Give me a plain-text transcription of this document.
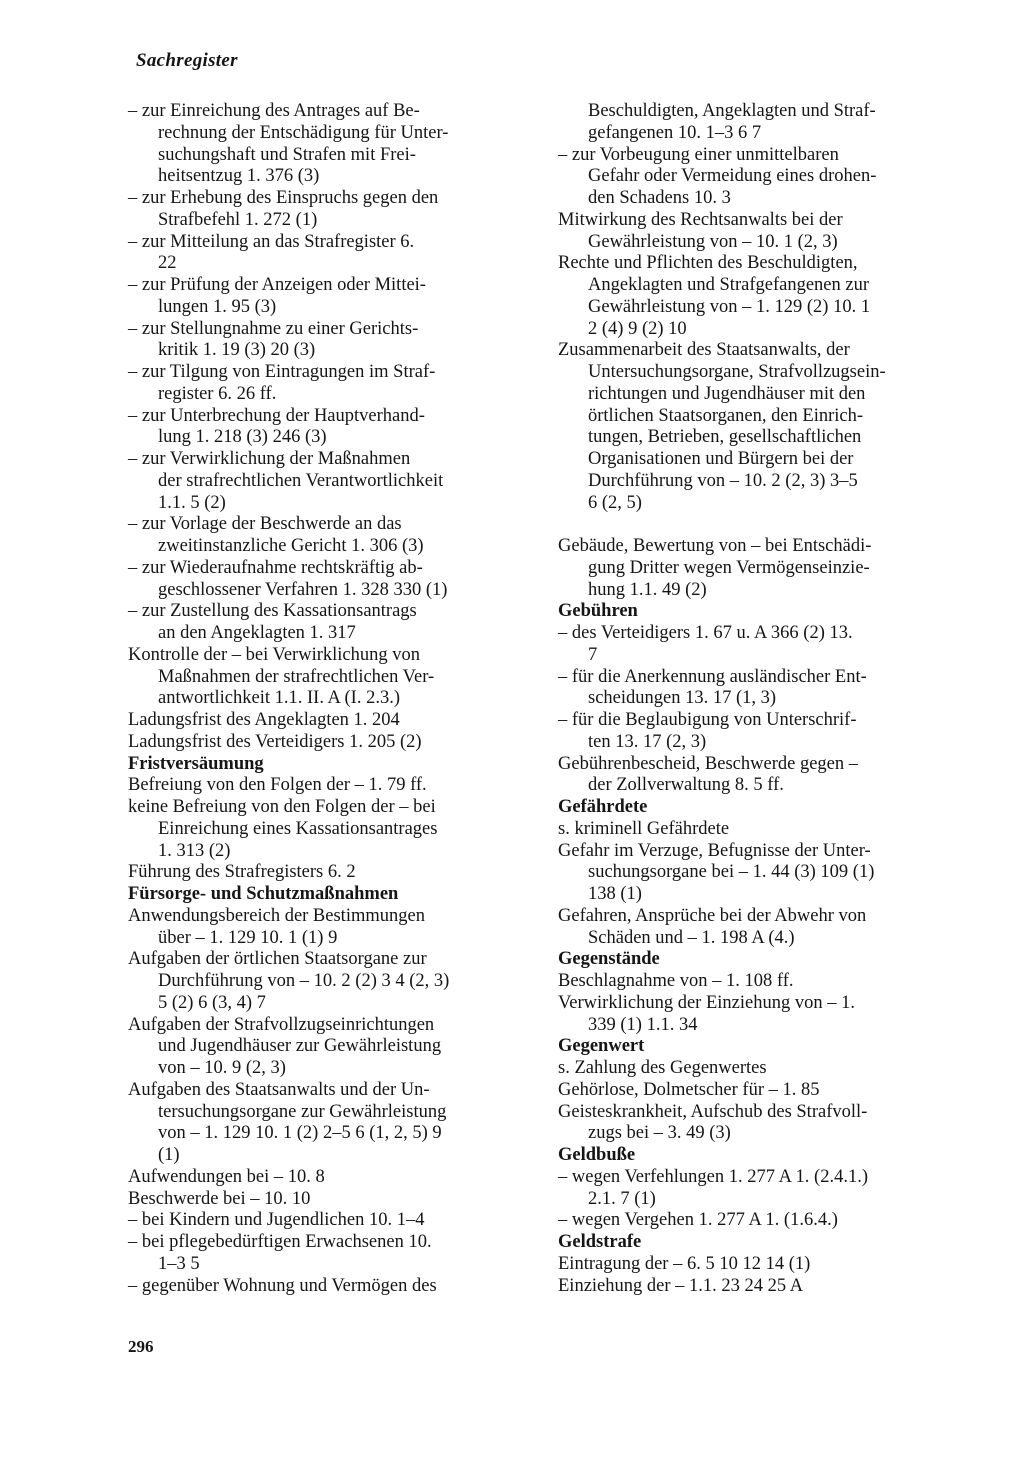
Sachregister
– zur Einreichung des Antrages auf Be-
rechnung der Entschädigung für Unter-
suchungshaft und Strafen mit Frei-
heitsentzug 1. 376 (3)
– zur Erhebung des Einspruchs gegen den
Strafbefehl 1. 272 (1)
– zur Mitteilung an das Strafregister 6.
22
– zur Prüfung der Anzeigen oder Mittei-
lungen 1. 95 (3)
– zur Stellungnahme zu einer Gerichts-
kritik 1. 19 (3) 20 (3)
– zur Tilgung von Eintragungen im Straf-
register 6. 26 ff.
– zur Unterbrechung der Hauptverhand-
lung 1. 218 (3) 246 (3)
– zur Verwirklichung der Maßnahmen
der strafrechtlichen Verantwortlichkeit
1.1. 5 (2)
– zur Vorlage der Beschwerde an das
zweitinstanzliche Gericht 1. 306 (3)
– zur Wiederaufnahme rechtskräftig ab-
geschlossener Verfahren 1. 328 330 (1)
– zur Zustellung des Kassationsantrags
an den Angeklagten 1. 317
Kontrolle der – bei Verwirklichung von
Maßnahmen der strafrechtlichen Ver-
antwortlichkeit 1.1. II. A (I. 2.3.)
Ladungsfrist des Angeklagten 1. 204
Ladungsfrist des Verteidigers 1. 205 (2)
Fristversäumung
Befreiung von den Folgen der – 1. 79 ff.
keine Befreiung von den Folgen der – bei
Einreichung eines Kassationsantrages
1. 313 (2)
Führung des Strafregisters 6. 2
Fürsorge- und Schutzmaßnahmen
Anwendungsbereich der Bestimmungen
über – 1. 129 10. 1 (1) 9
Aufgaben der örtlichen Staatsorgane zur
Durchführung von – 10. 2 (2) 3 4 (2, 3)
5 (2) 6 (3, 4) 7
Aufgaben der Strafvollzugseinrichtungen
und Jugendhäuser zur Gewährleistung
von – 10. 9 (2, 3)
Aufgaben des Staatsanwalts und der Un-
tersuchungsorgane zur Gewährleistung
von – 1. 129 10. 1 (2) 2–5 6 (1, 2, 5) 9
(1)
Aufwendungen bei – 10. 8
Beschwerde bei – 10. 10
– bei Kindern und Jugendlichen 10. 1–4
– bei pflegebedürftigen Erwachsenen 10.
1–3 5
– gegenüber Wohnung und Vermögen des
Beschuldigten, Angeklagten und Straf-
gefangenen 10. 1–3 6 7
– zur Vorbeugung einer unmittelbaren
Gefahr oder Vermeidung eines drohen-
den Schadens 10. 3
Mitwirkung des Rechtsanwalts bei der
Gewährleistung von – 10. 1 (2, 3)
Rechte und Pflichten des Beschuldigten,
Angeklagten und Strafgefangenen zur
Gewährleistung von – 1. 129 (2) 10. 1
2 (4) 9 (2) 10
Zusammenarbeit des Staatsanwalts, der
Untersuchungsorgane, Strafvollzugsein-
richtungen und Jugendhäuser mit den
örtlichen Staatsorganen, den Einrich-
tungen, Betrieben, gesellschaftlichen
Organisationen und Bürgern bei der
Durchführung von – 10. 2 (2, 3) 3–5
6 (2, 5)
Gebäude, Bewertung von – bei Entschädi-
gung Dritter wegen Vermögenseinzie-
hung 1.1. 49 (2)
Gebühren
– des Verteidigers 1. 67 u. A 366 (2) 13.
7
– für die Anerkennung ausländischer Ent-
scheidungen 13. 17 (1, 3)
– für die Beglaubigung von Unterschrif-
ten 13. 17 (2, 3)
Gebührenbescheid, Beschwerde gegen –
der Zollverwaltung 8. 5 ff.
Gefährdete
s. kriminell Gefährdete
Gefahr im Verzuge, Befugnisse der Unter-
suchungsorgane bei – 1. 44 (3) 109 (1)
138 (1)
Gefahren, Ansprüche bei der Abwehr von
Schäden und – 1. 198 A (4.)
Gegenstände
Beschlagnahme von – 1. 108 ff.
Verwirklichung der Einziehung von – 1.
339 (1) 1.1. 34
Gegenwert
s. Zahlung des Gegenwertes
Gehörlose, Dolmetscher für – 1. 85
Geisteskrankheit, Aufschub des Strafvoll-
zugs bei – 3. 49 (3)
Geldbuße
– wegen Verfehlungen 1. 277 A 1. (2.4.1.)
2.1. 7 (1)
– wegen Vergehen 1. 277 A 1. (1.6.4.)
Geldstrafe
Eintragung der – 6. 5 10 12 14 (1)
Einziehung der – 1.1. 23 24 25 A
296
